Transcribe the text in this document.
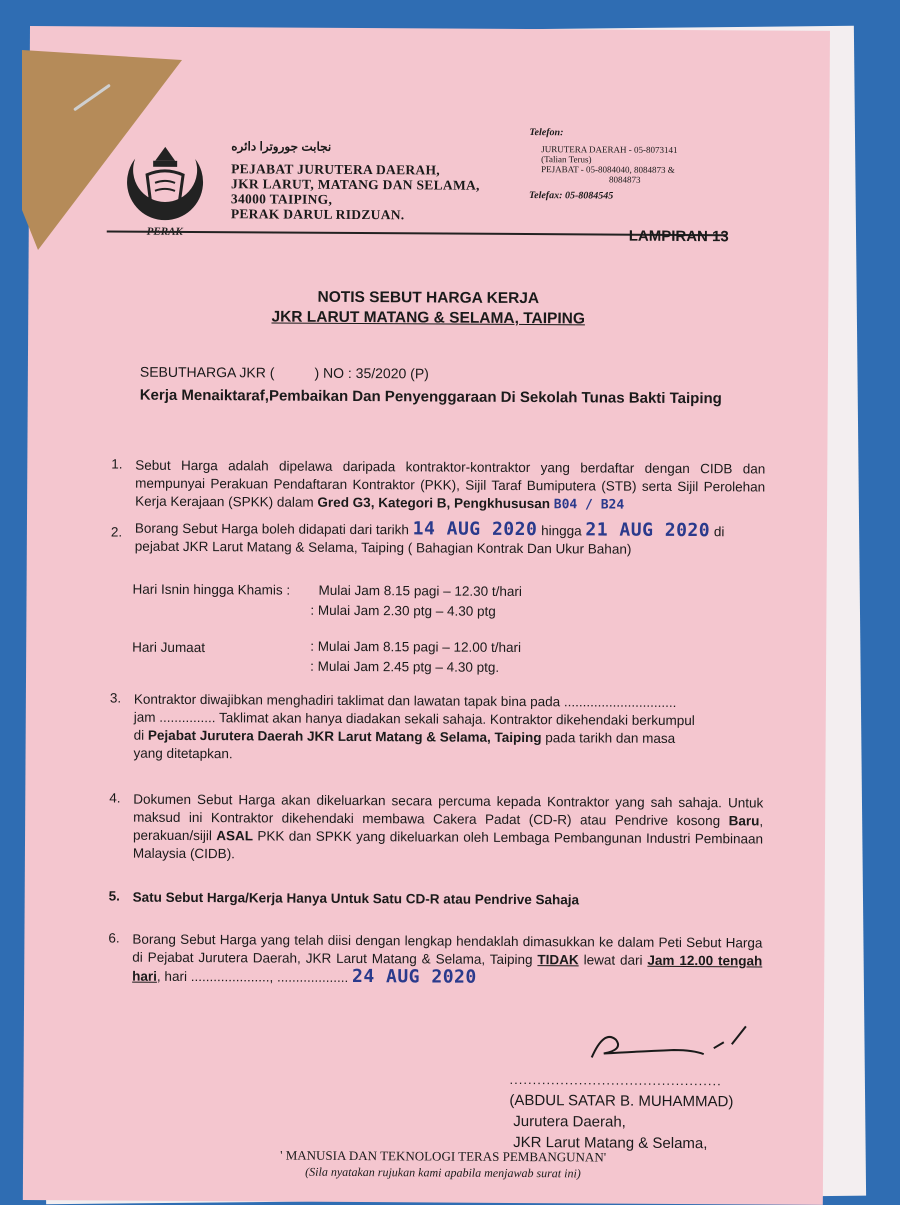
نجابت جوروترا دائره
PEJABAT JURUTERA DAERAH,
JKR LARUT, MATANG DAN SELAMA,
34000 TAIPING,
PERAK DARUL RIDZUAN.
Telefon:
JURUTERA DAERAH - 05-8073141
(Talian Terus)
PEJABAT - 05-8084040, 8084873 &
8084873
Telefax: 05-8084545
LAMPIRAN 13
NOTIS SEBUT HARGA KERJA
JKR LARUT MATANG & SELAMA, TAIPING
SEBUTHARGA JKR (	) NO : 35/2020 (P)
Kerja Menaiktaraf,Pembaikan Dan Penyenggaraan Di Sekolah Tunas Bakti Taiping
1. Sebut Harga adalah dipelawa daripada kontraktor-kontraktor yang berdaftar dengan CIDB dan mempunyai Perakuan Pendaftaran Kontraktor (PKK), Sijil Taraf Bumiputera (STB) serta Sijil Perolehan Kerja Kerajaan (SPKK) dalam Gred G3, Kategori B, Pengkhususan B04 / B24
2. Borang Sebut Harga boleh didapati dari tarikh 14 AUG 2020 hingga 21 AUG 2020 di
pejabat JKR Larut Matang & Selama, Taiping ( Bahagian Kontrak Dan Ukur Bahan)
Hari Isnin hingga Khamis : Mulai Jam 8.15 pagi – 12.30 t/hari
: Mulai Jam 2.30 ptg – 4.30 ptg
Hari Jumaat	: Mulai Jam 8.15 pagi – 12.00 t/hari
: Mulai Jam 2.45 ptg – 4.30 ptg.
3. Kontraktor diwajibkan menghadiri taklimat dan lawatan tapak bina pada ..............................
jam ............... Taklimat akan hanya diadakan sekali sahaja. Kontraktor dikehendaki berkumpul
di Pejabat Jurutera Daerah JKR Larut Matang & Selama, Taiping pada tarikh dan masa
yang ditetapkan.
4. Dokumen Sebut Harga akan dikeluarkan secara percuma kepada Kontraktor yang sah sahaja. Untuk maksud ini Kontraktor dikehendaki membawa Cakera Padat (CD-R) atau Pendrive kosong Baru, perakuan/sijil ASAL PKK dan SPKK yang dikeluarkan oleh Lembaga Pembangunan Industri Pembinaan Malaysia (CIDB).
5. Satu Sebut Harga/Kerja Hanya Untuk Satu CD-R atau Pendrive Sahaja
6. Borang Sebut Harga yang telah diisi dengan lengkap hendaklah dimasukkan ke dalam Peti Sebut Harga di Pejabat Jurutera Daerah, JKR Larut Matang & Selama, Taiping TIDAK lewat dari Jam 12.00 tengah hari, hari ....................., ................... 24 AUG 2020
..............................................
(ABDUL SATAR B. MUHAMMAD)
Jurutera Daerah,
JKR Larut Matang & Selama,
' MANUSIA DAN TEKNOLOGI TERAS PEMBANGUNAN'
(Sila nyatakan rujukan kami apabila menjawab surat ini)
